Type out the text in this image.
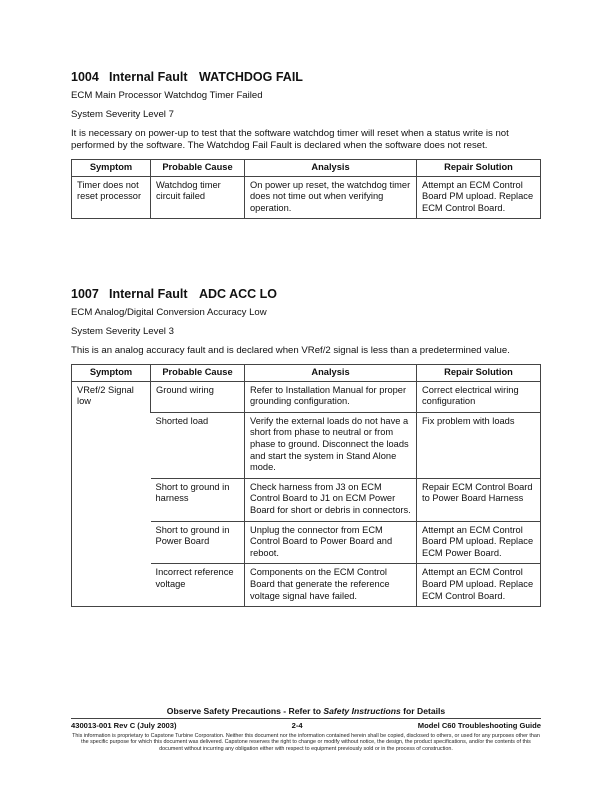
1004 Internal Fault WATCHDOG FAIL

ECM Main Processor Watchdog Timer Failed

System Severity Level 7

It is necessary on power-up to test that the software watchdog timer will reset when a status write is not performed by the software. The Watchdog Fail Fault is declared when the software does not reset.

Symptom	Probable Cause	Analysis	Repair Solution
Timer does not reset processor	Watchdog timer circuit failed	On power up reset, the watchdog timer does not time out when verifying operation.	Attempt an ECM Control Board PM upload. Replace ECM Control Board.
1007 Internal Fault ADC ACC LO

ECM Analog/Digital Conversion Accuracy Low

System Severity Level 3

This is an analog accuracy fault and is declared when VRef/2 signal is less than a predetermined value.

Symptom	Probable Cause	Analysis	Repair Solution
VRef/2 Signal low	Ground wiring	Refer to Installation Manual for proper grounding configuration.	Correct electrical wiring configuration
	Shorted load	Verify the external loads do not have a short from phase to neutral or from phase to ground. Disconnect the loads and start the system in Stand Alone mode.	Fix problem with loads
	Short to ground in harness	Check harness from J3 on ECM Control Board to J1 on ECM Power Board for short or debris in connectors.	Repair ECM Control Board to Power Board Harness
	Short to ground in Power Board	Unplug the connector from ECM Control Board to Power Board and reboot.	Attempt an ECM Control Board PM upload. Replace ECM Power Board.
	Incorrect reference voltage	Components on the ECM Control Board that generate the reference voltage signal have failed.	Attempt an ECM Control Board PM upload. Replace ECM Control Board.
Observe Safety Precautions - Refer to Safety Instructions for Details
430013-001 Rev C (July 2003)	2-4	Model C60 Troubleshooting Guide
This information is proprietary to Capstone Turbine Corporation. Neither this document nor the information contained herein shall be copied, disclosed to others, or used for any purposes other than the specific purpose for which this document was delivered. Capstone reserves the right to change or modify without notice, the design, the product specifications, and/or the contents of this document without incurring any obligation either with respect to equipment previously sold or in the process of construction.
